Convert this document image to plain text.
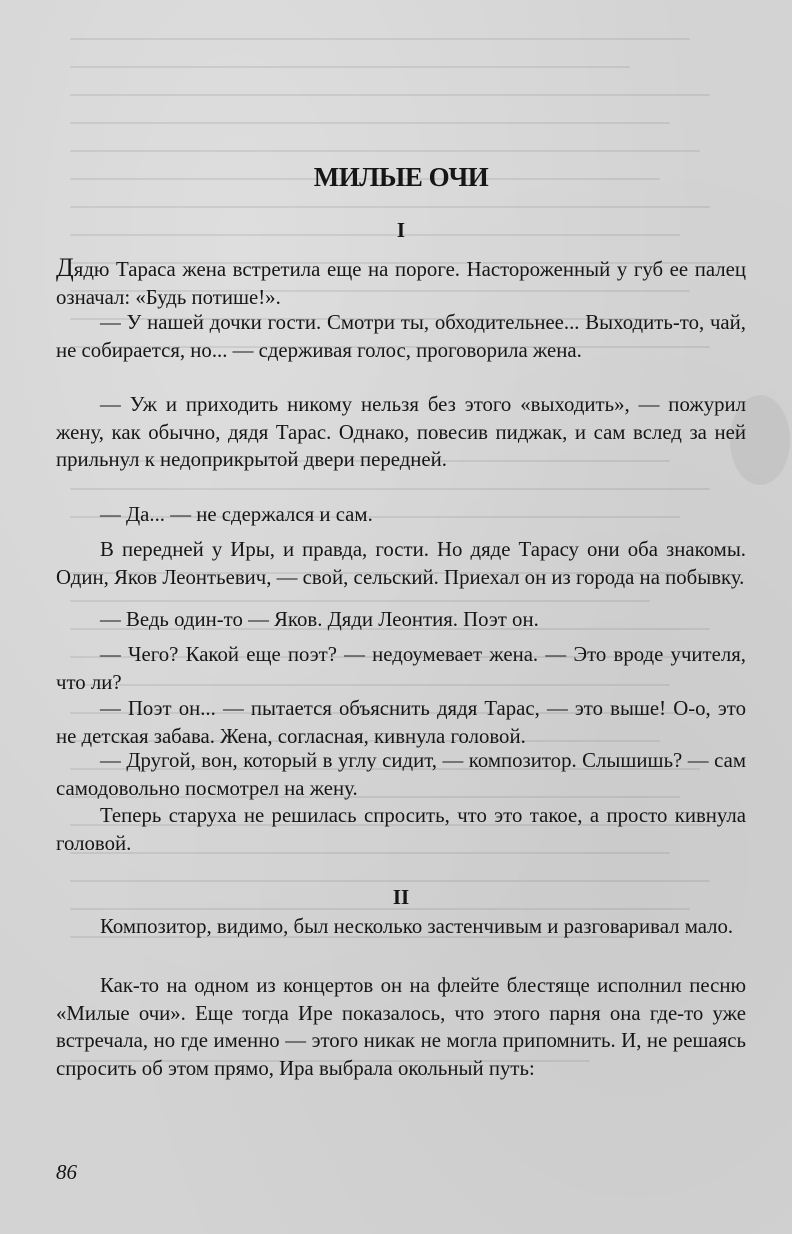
МИЛЫЕ ОЧИ
I

Дядю Тараса жена встретила еще на пороге. Настороженный у губ ее палец означал: «Будь потише!».

— У нашей дочки гости. Смотри ты, обходительнее... Выходить-то, чай, не собирается, но... — сдерживая голос, проговорила жена.

— Уж и приходить никому нельзя без этого «выходить», — пожурил жену, как обычно, дядя Тарас. Однако, повесив пиджак, и сам вслед за ней прильнул к недоприкрытой двери передней.

— Да... — не сдержался и сам.

В передней у Иры, и правда, гости. Но дяде Тарасу они оба знакомы. Один, Яков Леонтьевич, — свой, сельский. Приехал он из города на побывку.

— Ведь один-то — Яков. Дяди Леонтия. Поэт он.

— Чего? Какой еще поэт? — недоумевает жена. — Это вроде учителя, что ли?

— Поэт он... — пытается объяснить дядя Тарас, — это выше! О-о, это не детская забава. Жена, согласная, кивнула головой.

— Другой, вон, который в углу сидит, — композитор. Слышишь? — сам самодовольно посмотрел на жену.

Теперь старуха не решилась спросить, что это такое, а просто кивнула головой.

II

Композитор, видимо, был несколько застенчивым и разговаривал мало.

Как-то на одном из концертов он на флейте блестяще исполнил песню «Милые очи». Еще тогда Ире показалось, что этого парня она где-то уже встречала, но где именно — этого никак не могла припомнить. И, не решаясь спросить об этом прямо, Ира выбрала окольный путь:

86
